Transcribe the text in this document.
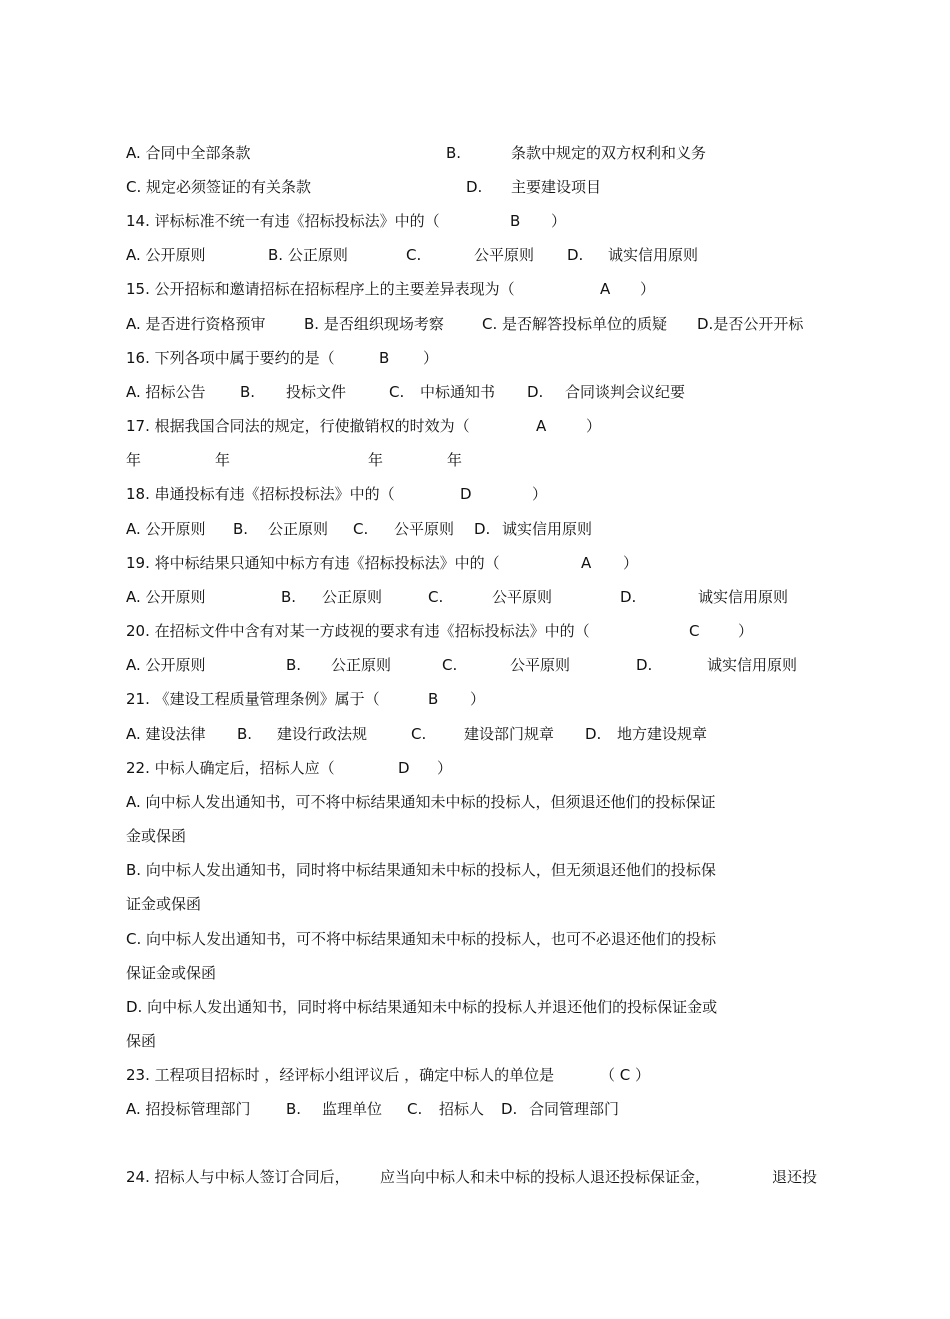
A. 合同中全部条款	B.	条款中规定的双方权利和义务
C. 规定必须签证的有关条款	D. 主要建设项目
14. 评标标准不统一有违《招标投标法》中的（	B ）
A. 公开原则	B. 公正原则	C.	公平原则 D. 诚实信用原则
15. 公开招标和邀请招标在招标程序上的主要差异表现为（	A ）
A. 是否进行资格预审	B. 是否组织现场考察	C. 是否解答投标单位的质疑 D.是否公开开标
16. 下列各项中属于要约的是（	B ）
A. 招标公告 B. 投标文件	C. 中标通知书 D. 合同谈判会议纪要
17. 根据我国合同法的规定，行使撤销权的时效为（	A	）
年	年	年	年
18. 串通投标有违《招标投标法》中的（	D	）
A. 公开原则 B. 公正原则 C. 公平原则 D. 诚实信用原则
19. 将中标结果只通知中标方有违《招标投标法》中的（	A ）
A. 公开原则	B. 公正原则	C.	公平原则	D.	诚实信用原则
20. 在招标文件中含有对某一方歧视的要求有违《招标投标法》中的（	C	）
A. 公开原则	B. 公正原则	C.	公平原则	D.	诚实信用原则
21. 《建设工程质量管理条例》属于（	B ）
A. 建设法律 B. 建设行政法规	C.	建设部门规章 D. 地方建设规章
22. 中标人确定后，招标人应（	D ）
A. 向中标人发出通知书，可不将中标结果通知未中标的投标人，但须退还他们的投标保证
金或保函
B. 向中标人发出通知书，同时将中标结果通知未中标的投标人，但无须退还他们的投标保
证金或保函
C. 向中标人发出通知书，可不将中标结果通知未中标的投标人，也可不必退还他们的投标
保证金或保函
D. 向中标人发出通知书，同时将中标结果通知未中标的投标人并退还他们的投标保证金或
保函
23. 工程项目招标时 ，经评标小组评议后 ，确定中标人的单位是	（ C ）
A. 招投标管理部门 B. 监理单位 C. 招标人 D. 合同管理部门
24. 招标人与中标人签订合同后， 应当向中标人和未中标的投标人退还投标保证金，	退还投
